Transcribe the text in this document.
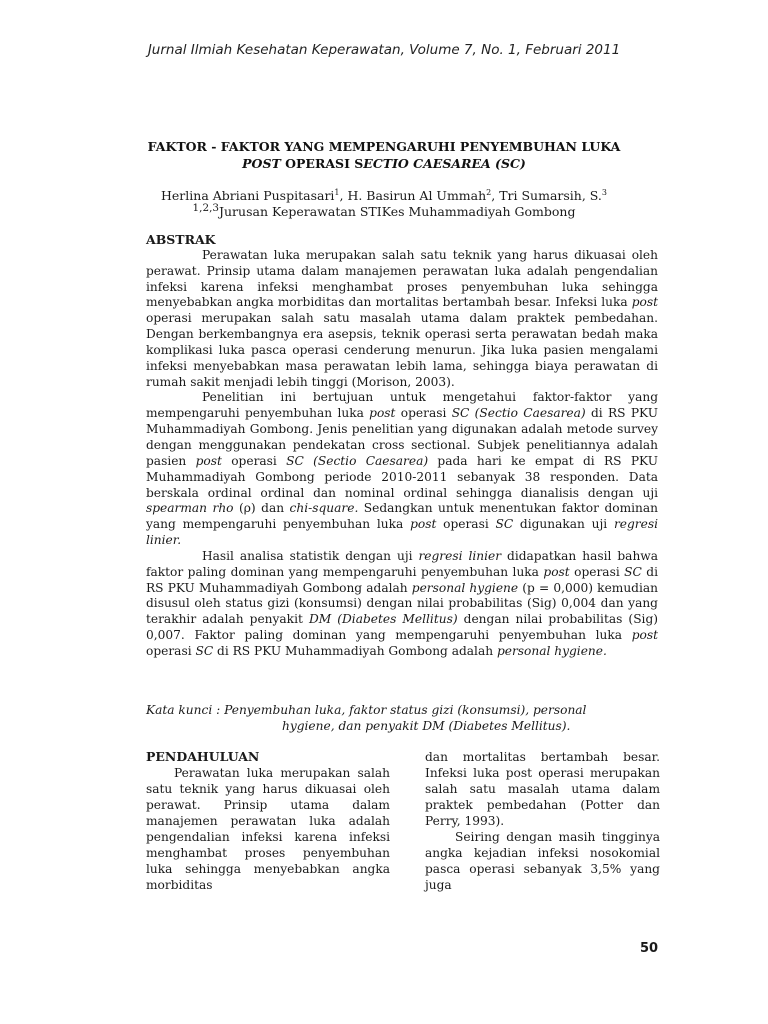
Jurnal Ilmiah Kesehatan Keperawatan, Volume 7, No. 1, Februari 2011
FAKTOR - FAKTOR YANG MEMPENGARUHI PENYEMBUHAN LUKA
POST OPERASI SECTIO CAESAREA (SC)
Herlina Abriani Puspitasari$^1$, H. Basirun Al Ummah$^2$, Tri Sumarsih, S.$^3$
$^{1,2,3}$Jurusan Keperawatan STIKes Muhammadiyah Gombong
ABSTRAK

Perawatan luka merupakan salah satu teknik yang harus dikuasai oleh perawat. Prinsip utama dalam manajemen perawatan luka adalah pengendalian infeksi karena infeksi menghambat proses penyembuhan luka sehingga menyebabkan angka morbiditas dan mortalitas bertambah besar. Infeksi luka post operasi merupakan salah satu masalah utama dalam praktek pembedahan. Dengan berkembangnya era asepsis, teknik operasi serta perawatan bedah maka komplikasi luka pasca operasi cenderung menurun. Jika luka pasien mengalami infeksi menyebabkan masa perawatan lebih lama, sehingga biaya perawatan di rumah sakit menjadi lebih tinggi (Morison, 2003).

Penelitian ini bertujuan untuk mengetahui faktor-faktor yang mempengaruhi penyembuhan luka post operasi SC (Sectio Caesarea) di RS PKU Muhammadiyah Gombong. Jenis penelitian yang digunakan adalah metode survey dengan menggunakan pendekatan cross sectional. Subjek penelitiannya adalah pasien post operasi SC (Sectio Caesarea) pada hari ke empat di RS PKU Muhammadiyah Gombong periode 2010-2011 sebanyak 38 responden. Data berskala ordinal ordinal dan nominal ordinal sehingga dianalisis dengan uji spearman rho (ρ) dan chi-square. Sedangkan untuk menentukan faktor dominan yang mempengaruhi penyembuhan luka post operasi SC digunakan uji regresi linier.

Hasil analisa statistik dengan uji regresi linier didapatkan hasil bahwa faktor paling dominan yang mempengaruhi penyembuhan luka post operasi SC di RS PKU Muhammadiyah Gombong adalah personal hygiene (p = 0,000) kemudian disusul oleh status gizi (konsumsi) dengan nilai probabilitas (Sig) 0,004 dan yang terakhir adalah penyakit DM (Diabetes Mellitus) dengan nilai probabilitas (Sig) 0,007. Faktor paling dominan yang mempengaruhi penyembuhan luka post operasi SC di RS PKU Muhammadiyah Gombong adalah personal hygiene.

Kata kunci : Penyembuhan luka, faktor status gizi (konsumsi), personal
hygiene, dan penyakit DM (Diabetes Mellitus).
PENDAHULUAN

Perawatan luka merupakan salah satu teknik yang harus dikuasai oleh perawat. Prinsip utama dalam manajemen perawatan luka adalah pengendalian infeksi karena infeksi menghambat proses penyembuhan luka sehingga menyebabkan angka morbiditas

dan mortalitas bertambah besar. Infeksi luka post operasi merupakan salah satu masalah utama dalam praktek pembedahan (Potter dan Perry, 1993).

Seiring dengan masih tingginya angka kejadian infeksi nosokomial pasca operasi sebanyak 3,5% yang juga

50
